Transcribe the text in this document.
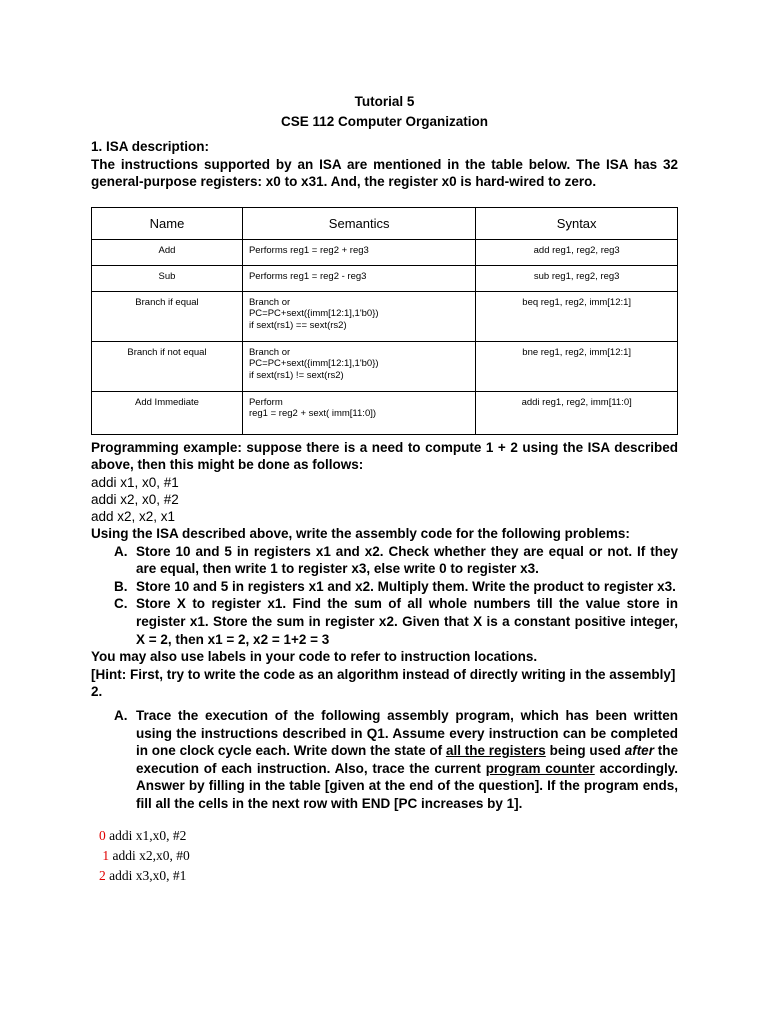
Tutorial 5
CSE 112 Computer Organization
1. ISA description:
The instructions supported by an ISA are mentioned in the table below. The ISA has 32 general-purpose registers: x0 to x31. And, the register x0 is hard-wired to zero.
Name	Semantics	Syntax
Add	Performs reg1 = reg2 + reg3	add reg1, reg2, reg3
Sub	Performs reg1 = reg2 - reg3	sub reg1, reg2, reg3
Branch if equal	Branch or
PC=PC+sext({imm[12:1],1'b0})
if sext(rs1) == sext(rs2)	beq reg1, reg2, imm[12:1]
Branch if not equal	Branch or
PC=PC+sext({imm[12:1],1'b0})
if sext(rs1) != sext(rs2)	bne reg1, reg2, imm[12:1]
Add Immediate	Perform
reg1 = reg2 + sext( imm[11:0])	addi reg1, reg2, imm[11:0]
Programming example: suppose there is a need to compute 1 + 2 using the ISA described above, then this might be done as follows:
addi x1, x0, #1
addi x2, x0, #2
add x2, x2, x1
Using the ISA described above, write the assembly code for the following problems:
A. Store 10 and 5 in registers x1 and x2. Check whether they are equal or not. If they are equal, then write 1 to register x3, else write 0 to register x3.
B. Store 10 and 5 in registers x1 and x2. Multiply them. Write the product to register x3.
C. Store X to register x1. Find the sum of all whole numbers till the value store in register x1. Store the sum in register x2. Given that X is a constant positive integer, X = 2, then x1 = 2, x2 = 1+2 = 3
You may also use labels in your code to refer to instruction locations.
[Hint: First, try to write the code as an algorithm instead of directly writing in the assembly]
2.
A. Trace the execution of the following assembly program, which has been written using the instructions described in Q1. Assume every instruction can be completed in one clock cycle each. Write down the state of all the registers being used after the execution of each instruction. Also, trace the current program counter accordingly. Answer by filling in the table [given at the end of the question]. If the program ends, fill all the cells in the next row with END [PC increases by 1].
0 addi x1,x0, #2
1 addi x2,x0, #0
2 addi x3,x0, #1
